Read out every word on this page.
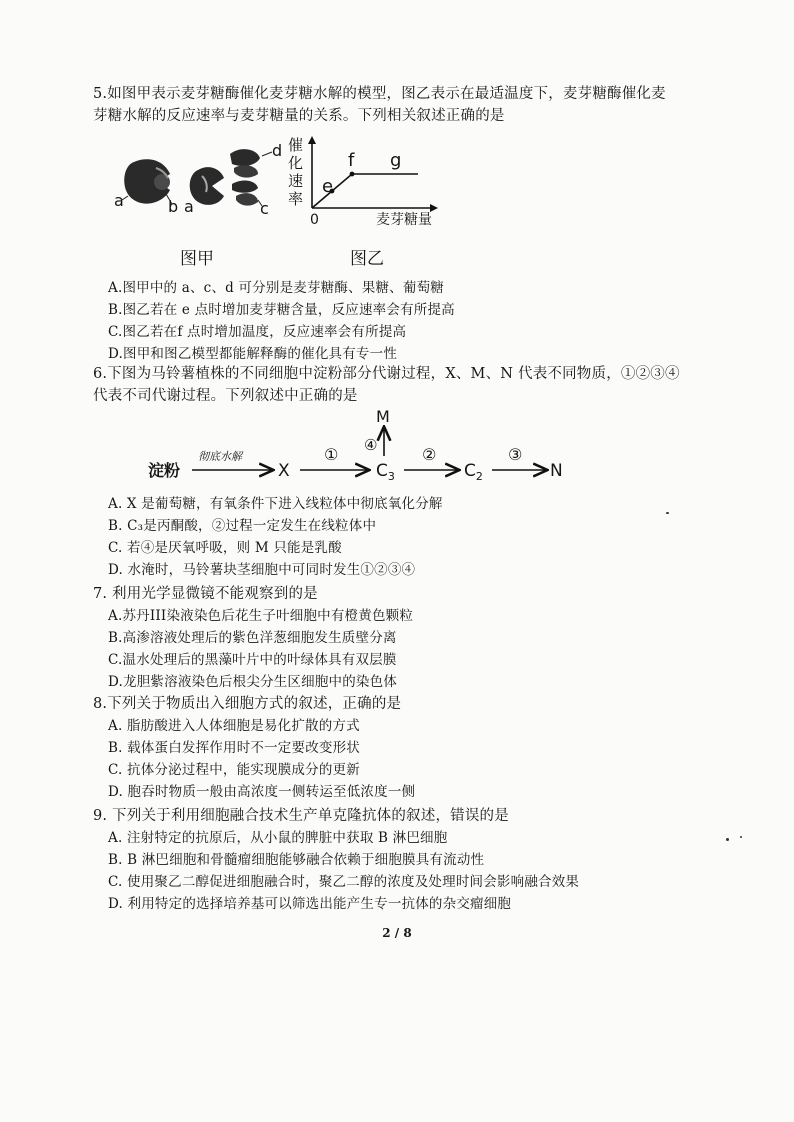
5.如图甲表示麦芽糖酶催化麦芽糖水解的模型，图乙表示在最适温度下，麦芽糖酶催化麦
芽糖水解的反应速率与麦芽糖量的关系。下列相关叙述正确的是
a	b a	c
d 催
化
速
率
e
f g
0	麦芽糖量
图甲	图乙
A.图甲中的 a、c、d 可分别是麦芽糖酶、果糖、葡萄糖
B.图乙若在 e 点时增加麦芽糖含量，反应速率会有所提高
C.图乙若在f 点时增加温度，反应速率会有所提高
D.图甲和图乙模型都能解释酶的催化具有专一性
6.下图为马铃薯植株的不同细胞中淀粉部分代谢过程，X、M、N 代表不同物质，①②③④
代表不司代谢过程。下列叙述中正确的是
淀粉
彻底水解
X
①
$C_3$
④
M
②
$C_2$
③
N
A. X 是葡萄糖，有氧条件下进入线粒体中彻底氧化分解
B. C₃是丙酮酸，②过程一定发生在线粒体中
C. 若④是厌氧呼吸，则 M 只能是乳酸
D. 水淹时，马铃薯块茎细胞中可同时发生①②③④
7. 利用光学显微镜不能观察到的是
A.苏丹III染液染色后花生子叶细胞中有橙黄色颗粒
B.高渗溶液处理后的紫色洋葱细胞发生质壁分离
C.温水处理后的黑藻叶片中的叶绿体具有双层膜
D.龙胆紫溶液染色后根尖分生区细胞中的染色体
8.下列关于物质出入细胞方式的叙述，正确的是
A. 脂肪酸进入人体细胞是易化扩散的方式
B. 载体蛋白发挥作用时不一定要改变形状
C. 抗体分泌过程中，能实现膜成分的更新
D. 胞吞时物质一般由高浓度一侧转运至低浓度一侧
9. 下列关于利用细胞融合技术生产单克隆抗体的叙述，错误的是
A. 注射特定的抗原后，从小鼠的脾脏中获取 B 淋巴细胞
B. B 淋巴细胞和骨髓瘤细胞能够融合依赖于细胞膜具有流动性
C. 使用聚乙二醇促进细胞融合时，聚乙二醇的浓度及处理时间会影响融合效果
D. 利用特定的选择培养基可以筛选出能产生专一抗体的杂交瘤细胞
2 / 8
